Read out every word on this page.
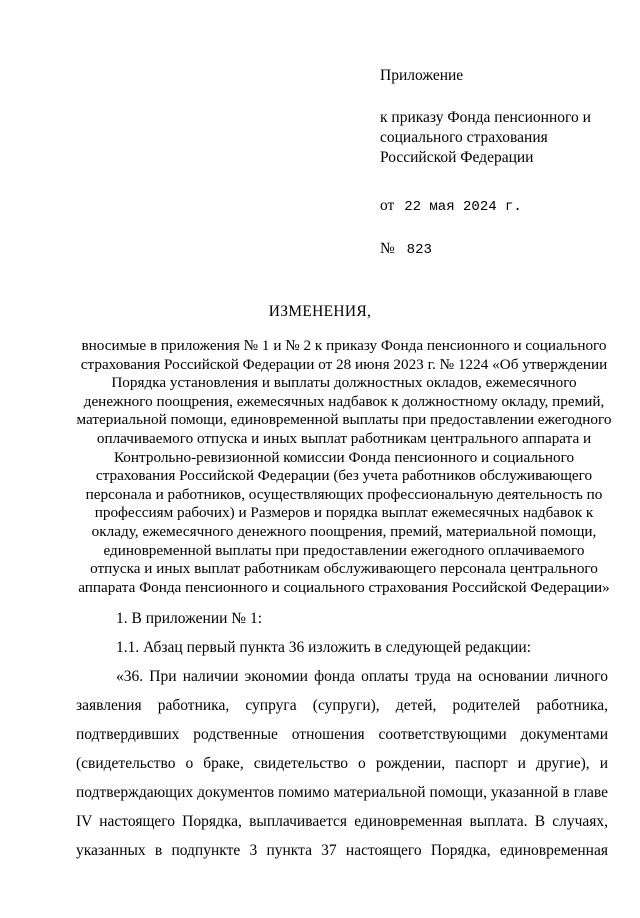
Приложение
к приказу Фонда пенсионного и
социального страхования
Российской Федерации
от 22 мая 2024 г.
№ 823
ИЗМЕНЕНИЯ,
вносимые в приложения № 1 и № 2 к приказу Фонда пенсионного и социального
страхования Российской Федерации от 28 июня 2023 г. № 1224 «Об утверждении
Порядка установления и выплаты должностных окладов, ежемесячного
денежного поощрения, ежемесячных надбавок к должностному окладу, премий,
материальной помощи, единовременной выплаты при предоставлении ежегодного
оплачиваемого отпуска и иных выплат работникам центрального аппарата и
Контрольно-ревизионной комиссии Фонда пенсионного и социального
страхования Российской Федерации (без учета работников обслуживающего
персонала и работников, осуществляющих профессиональную деятельность по
профессиям рабочих) и Размеров и порядка выплат ежемесячных надбавок к
окладу, ежемесячного денежного поощрения, премий, материальной помощи,
единовременной выплаты при предоставлении ежегодного оплачиваемого
отпуска и иных выплат работникам обслуживающего персонала центрального
аппарата Фонда пенсионного и социального страхования Российской Федерации»
1. В приложении № 1:
1.1. Абзац первый пункта 36 изложить в следующей редакции:
«36. При наличии экономии фонда оплаты труда на основании личного
заявления работника, супруга (супруги), детей, родителей работника,
подтвердивших родственные отношения соответствующими документами
(свидетельство о браке, свидетельство о рождении, паспорт и другие), и
подтверждающих документов помимо материальной помощи, указанной в главе
IV настоящего Порядка, выплачивается единовременная выплата. В случаях,
указанных в подпункте 3 пункта 37 настоящего Порядка, единовременная
